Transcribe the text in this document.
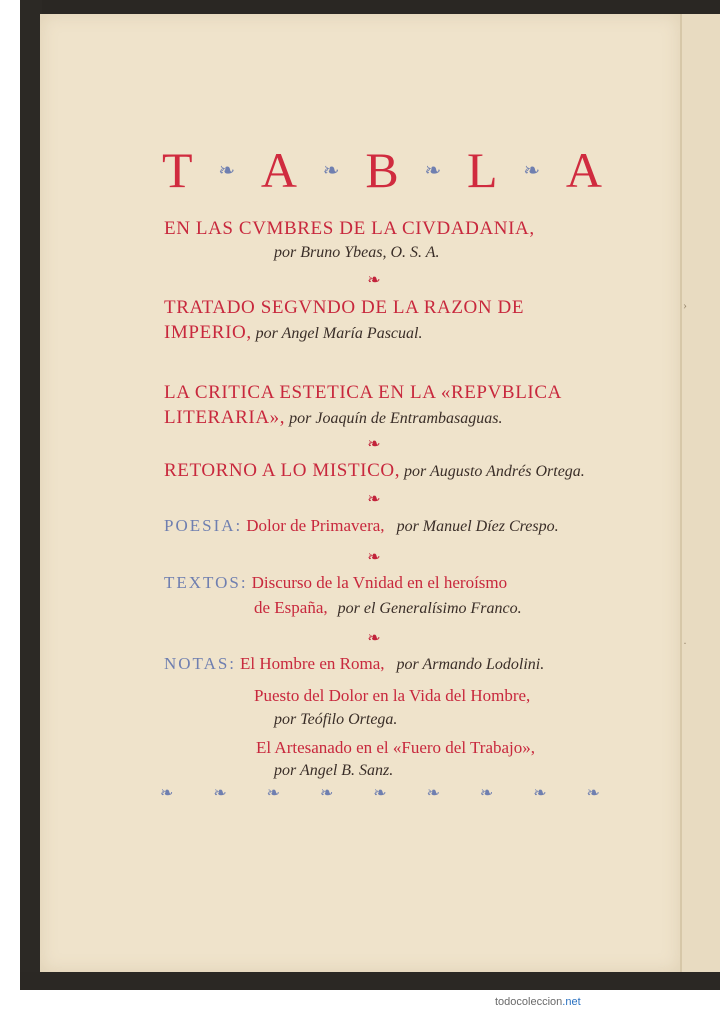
›
·
T ❧ A ❧ B ❧ L ❧ A
EN LAS CVMBRES DE LA CIVDADANIA,
por Bruno Ybeas, O. S. A.
❧
TRATADO SEGVNDO DE LA RAZON DE
IMPERIO, por Angel María Pascual.
LA CRITICA ESTETICA EN LA «REPVBLICA
LITERARIA», por Joaquín de Entrambasaguas.
❧
RETORNO A LO MISTICO, por Augusto Andrés Ortega.
❧
POESIA: Dolor de Primavera, por Manuel Díez Crespo.
❧
TEXTOS: Discurso de la Vnidad en el heroísmo
de España, por el Generalísimo Franco.
❧
NOTAS: El Hombre en Roma, por Armando Lodolini.
Puesto del Dolor en la Vida del Hombre,
por Teófilo Ortega.
El Artesanado en el «Fuero del Trabajo»,
por Angel B. Sanz.
❧ ❧ ❧ ❧ ❧ ❧ ❧ ❧ ❧
todocoleccion.net
